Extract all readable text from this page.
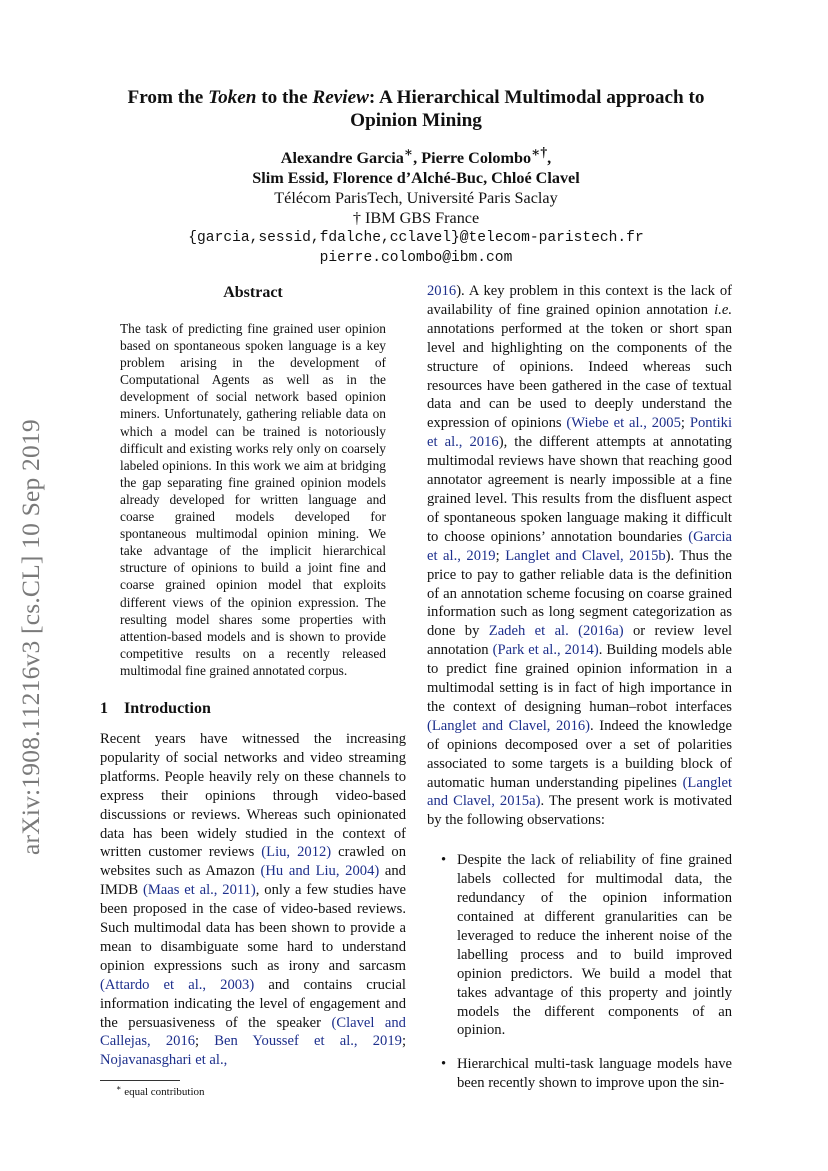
arXiv:1908.11216v3 [cs.CL] 10 Sep 2019
From the Token to the Review: A Hierarchical Multimodal approach to
Opinion Mining
Alexandre Garcia∗, Pierre Colombo∗†,
Slim Essid, Florence d’Alché-Buc, Chloé Clavel
Télécom ParisTech, Université Paris Saclay
† IBM GBS France
{garcia,sessid,fdalche,cclavel}@telecom-paristech.fr
pierre.colombo@ibm.com
Abstract

The task of predicting fine grained user opinion based on spontaneous spoken language is a key problem arising in the development of Computational Agents as well as in the development of social network based opinion miners. Unfortunately, gathering reliable data on which a model can be trained is notoriously difficult and existing works rely only on coarsely labeled opinions. In this work we aim at bridging the gap separating fine grained opinion models already developed for written language and coarse grained models developed for spontaneous multimodal opinion mining. We take advantage of the implicit hierarchical structure of opinions to build a joint fine and coarse grained opinion model that exploits different views of the opinion expression. The resulting model shares some properties with attention-based models and is shown to provide competitive results on a recently released multimodal fine grained annotated corpus.

1 Introduction

Recent years have witnessed the increasing popularity of social networks and video streaming platforms. People heavily rely on these channels to express their opinions through video-based discussions or reviews. Whereas such opinionated data has been widely studied in the context of written customer reviews (Liu, 2012) crawled on websites such as Amazon (Hu and Liu, 2004) and IMDB (Maas et al., 2011), only a few studies have been proposed in the case of video-based reviews. Such multimodal data has been shown to provide a mean to disambiguate some hard to understand opinion expressions such as irony and sarcasm (Attardo et al., 2003) and contains crucial information indicating the level of engagement and the persuasiveness of the speaker (Clavel and Callejas, 2016; Ben Youssef et al., 2019; Nojavanasghari et al.,

∗ equal contribution

2016). A key problem in this context is the lack of availability of fine grained opinion annotation i.e. annotations performed at the token or short span level and highlighting on the components of the structure of opinions. Indeed whereas such resources have been gathered in the case of textual data and can be used to deeply understand the expression of opinions (Wiebe et al., 2005; Pontiki et al., 2016), the different attempts at annotating multimodal reviews have shown that reaching good annotator agreement is nearly impossible at a fine grained level. This results from the disfluent aspect of spontaneous spoken language making it difficult to choose opinions’ annotation boundaries (Garcia et al., 2019; Langlet and Clavel, 2015b). Thus the price to pay to gather reliable data is the definition of an annotation scheme focusing on coarse grained information such as long segment categorization as done by Zadeh et al. (2016a) or review level annotation (Park et al., 2014). Building models able to predict fine grained opinion information in a multimodal setting is in fact of high importance in the context of designing human–robot interfaces (Langlet and Clavel, 2016). Indeed the knowledge of opinions decomposed over a set of polarities associated to some targets is a building block of automatic human understanding pipelines (Langlet and Clavel, 2015a). The present work is motivated by the following observations:

• Despite the lack of reliability of fine grained labels collected for multimodal data, the redundancy of the opinion information contained at different granularities can be leveraged to reduce the inherent noise of the labelling process and to build improved opinion predictors. We build a model that takes advantage of this property and jointly models the different components of an opinion.

• Hierarchical multi-task language models have been recently shown to improve upon the sin-
